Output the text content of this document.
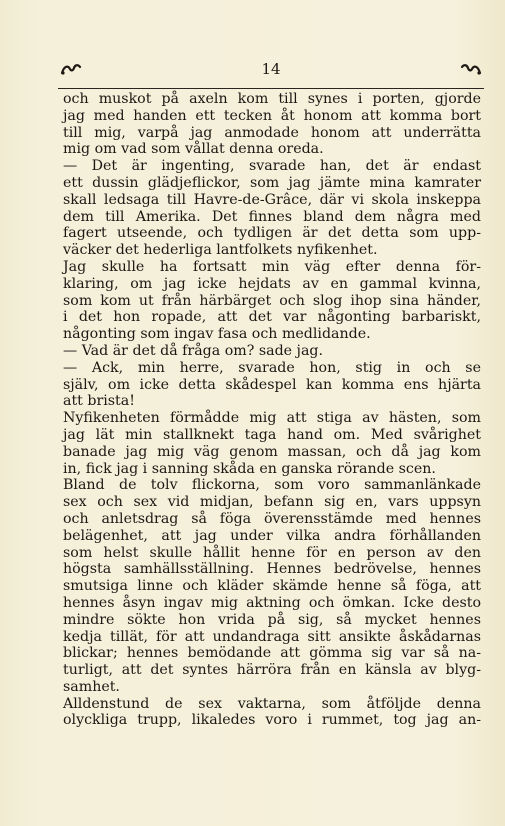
14
och muskot på axeln kom till synes i porten, gjorde
jag med handen ett tecken åt honom att komma bort
till mig, varpå jag anmodade honom att underrätta
mig om vad som vållat denna oreda.
— Det är ingenting, svarade han, det är endast
ett dussin glädjeflickor, som jag jämte mina kamrater
skall ledsaga till Havre-de-Grâce, där vi skola inskeppa
dem till Amerika. Det finnes bland dem några med
fagert utseende, och tydligen är det detta som upp-
väcker det hederliga lantfolkets nyfikenhet.
Jag skulle ha fortsatt min väg efter denna för-
klaring, om jag icke hejdats av en gammal kvinna,
som kom ut från härbärget och slog ihop sina händer,
i det hon ropade, att det var någonting barbariskt,
någonting som ingav fasa och medlidande.
— Vad är det då fråga om? sade jag.
— Ack, min herre, svarade hon, stig in och se
själv, om icke detta skådespel kan komma ens hjärta
att brista!
Nyfikenheten förmådde mig att stiga av hästen, som
jag lät min stallknekt taga hand om. Med svårighet
banade jag mig väg genom massan, och då jag kom
in, fick jag i sanning skåda en ganska rörande scen.
Bland de tolv flickorna, som voro sammanlänkade
sex och sex vid midjan, befann sig en, vars uppsyn
och anletsdrag så föga överensstämde med hennes
belägenhet, att jag under vilka andra förhållanden
som helst skulle hållit henne för en person av den
högsta samhällsställning. Hennes bedrövelse, hennes
smutsiga linne och kläder skämde henne så föga, att
hennes åsyn ingav mig aktning och ömkan. Icke desto
mindre sökte hon vrida på sig, så mycket hennes
kedja tillät, för att undandraga sitt ansikte åskådarnas
blickar; hennes bemödande att gömma sig var så na-
turligt, att det syntes härröra från en känsla av blyg-
samhet.
Alldenstund de sex vaktarna, som åtföljde denna
olyckliga trupp, likaledes voro i rummet, tog jag an-
